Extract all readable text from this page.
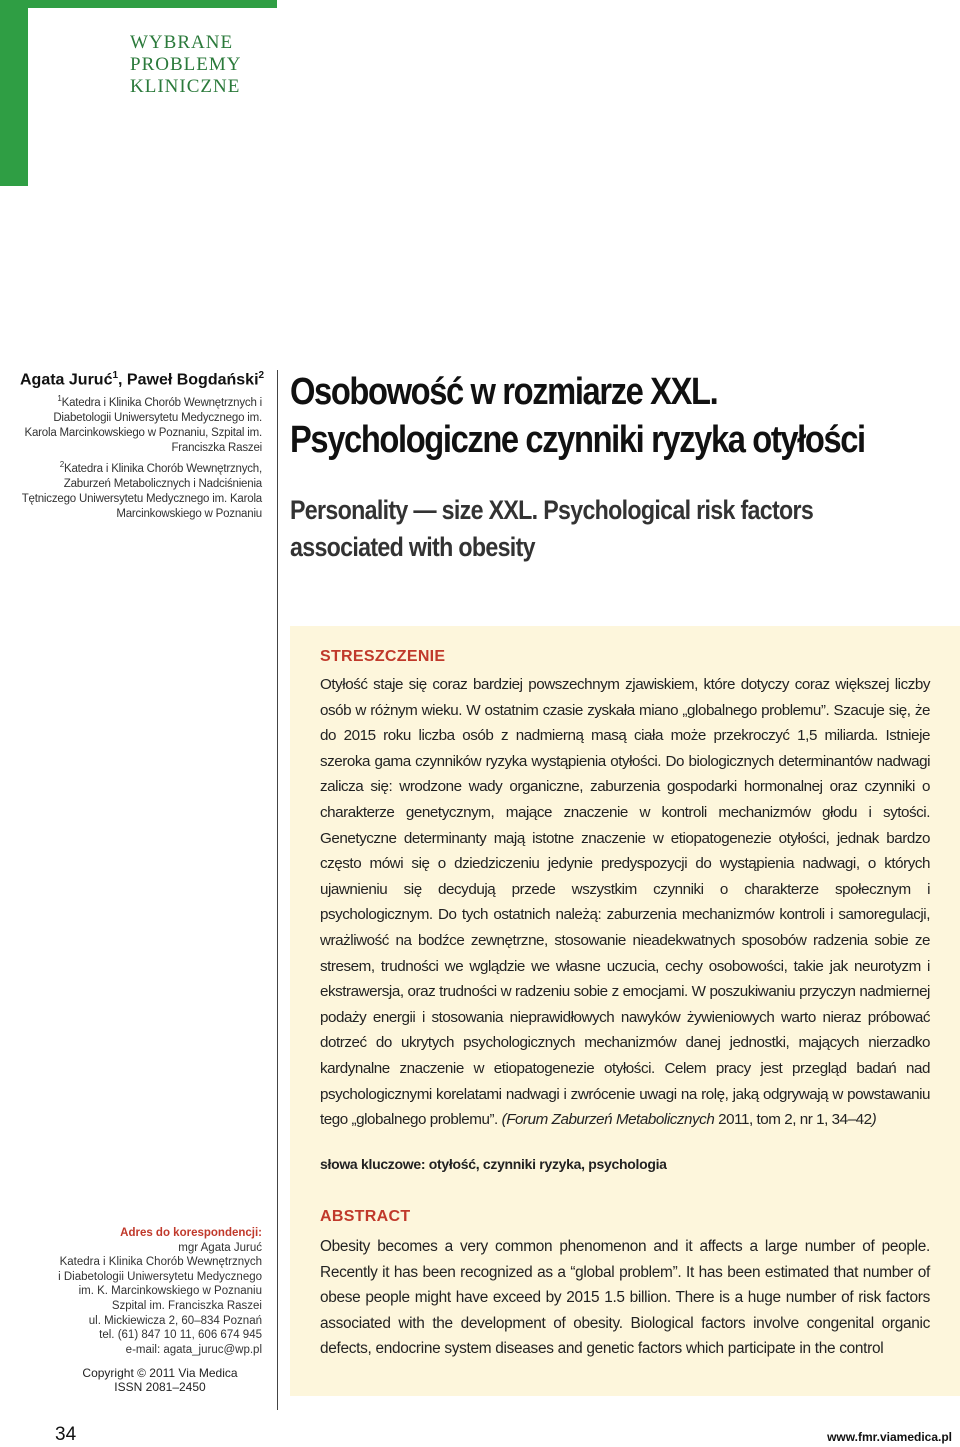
WYBRANE
PROBLEMY
KLINICZNE
Agata Juruć$^1$, Paweł Bogdański$^2$
$^1$Katedra i Klinika Chorób Wewnętrznych i Diabetologii Uniwersytetu Medycznego im. Karola Marcinkowskiego w Poznaniu, Szpital im. Franciszka Raszei
$^2$Katedra i Klinika Chorób Wewnętrznych, Zaburzeń Metabolicznych i Nadciśnienia Tętniczego Uniwersytetu Medycznego im. Karola Marcinkowskiego w Poznaniu
Osobowość w rozmiarze XXL.
Psychologiczne czynniki ryzyka otyłości
Personality — size XXL. Psychological risk factors associated with obesity
STRESZCZENIE
Otyłość staje się coraz bardziej powszechnym zjawiskiem, które dotyczy coraz większej liczby osób w różnym wieku. W ostatnim czasie zyskała miano „globalnego problemu”. Szacuje się, że do 2015 roku liczba osób z nadmierną masą ciała może przekroczyć 1,5 miliarda. Istnieje szeroka gama czynników ryzyka wystąpienia otyłości. Do biologicznych determinantów nadwagi zalicza się: wrodzone wady organiczne, zaburzenia gospodarki hormonalnej oraz czynniki o charakterze genetycznym, mające znaczenie w kontroli mechanizmów głodu i sytości. Genetyczne determinanty mają istotne znaczenie w etiopatogenezie otyłości, jednak bardzo często mówi się o dziedziczeniu jedynie predyspozycji do wystąpienia nadwagi, o których ujawnieniu się decydują przede wszystkim czynniki o charakterze społecznym i psychologicznym. Do tych ostatnich należą: zaburzenia mechanizmów kontroli i samoregulacji, wrażliwość na bodźce zewnętrzne, stosowanie nieadekwatnych sposobów radzenia sobie ze stresem, trudności we wglądzie we własne uczucia, cechy osobowości, takie jak neurotyzm i ekstrawersja, oraz trudności w radzeniu sobie z emocjami. W poszukiwaniu przyczyn nadmiernej podaży energii i stosowania nieprawidłowych nawyków żywieniowych warto nieraz próbować dotrzeć do ukrytych psychologicznych mechanizmów danej jednostki, mających nierzadko kardynalne znaczenie w etiopatogenezie otyłości. Celem pracy jest przegląd badań nad psychologicznymi korelatami nadwagi i zwrócenie uwagi na rolę, jaką odgrywają w powstawaniu tego „globalnego problemu”. (Forum Zaburzeń Metabolicznych 2011, tom 2, nr 1, 34–42)
słowa kluczowe: otyłość, czynniki ryzyka, psychologia
ABSTRACT
Obesity becomes a very common phenomenon and it affects a large number of people. Recently it has been recognized as a “global problem”. It has been estimated that number of obese people might have exceed by 2015 1.5 billion. There is a huge number of risk factors associated with the development of obesity. Biological factors involve congenital organic defects, endocrine system diseases and genetic factors which participate in the control
Adres do korespondencji:
mgr Agata Juruć
Katedra i Klinika Chorób Wewnętrznych
i Diabetologii Uniwersytetu Medycznego
im. K. Marcinkowskiego w Poznaniu
Szpital im. Franciszka Raszei
ul. Mickiewicza 2, 60–834 Poznań
tel. (61) 847 10 11, 606 674 945
e-mail: agata_juruc@wp.pl
Copyright © 2011 Via Medica
ISSN 2081–2450
34	www.fmr.viamedica.pl
